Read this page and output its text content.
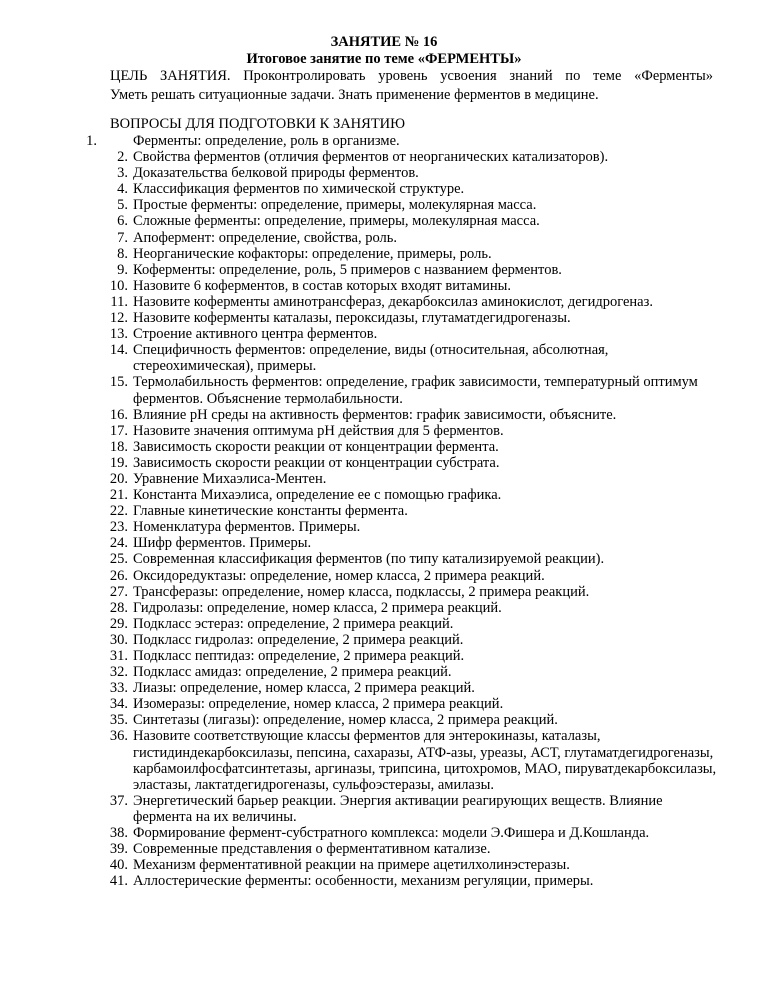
ЗАНЯТИЕ № 16
Итоговое занятие по теме «ФЕРМЕНТЫ»
ЦЕЛЬ ЗАНЯТИЯ. Проконтролировать уровень усвоения знаний по теме «Ферменты»
Уметь решать ситуационные задачи. Знать применение ферментов в медицине.
ВОПРОСЫ ДЛЯ ПОДГОТОВКИ К ЗАНЯТИЮ
1. Ферменты: определение, роль в организме.
2. Свойства ферментов (отличия ферментов от неорганических катализаторов).
3. Доказательства белковой природы ферментов.
4. Классификация ферментов по химической структуре.
5. Простые ферменты: определение, примеры, молекулярная масса.
6. Сложные ферменты: определение, примеры, молекулярная масса.
7. Апофермент: определение, свойства, роль.
8. Неорганические кофакторы: определение, примеры, роль.
9. Коферменты: определение, роль, 5 примеров с названием ферментов.
10. Назовите 6 коферментов, в состав которых входят витамины.
11. Назовите коферменты аминотрансфераз, декарбоксилаз аминокислот, дегидрогеназ.
12. Назовите коферменты каталазы, пероксидазы, глутаматдегидрогеназы.
13. Строение активного центра ферментов.
14. Специфичность ферментов: определение, виды (относительная, абсолютная, стереохимическая), примеры.
15. Термолабильность ферментов: определение, график зависимости, температурный оптимум ферментов. Объяснение термолабильности.
16. Влияние pH среды на активность ферментов: график зависимости, объясните.
17. Назовите значения оптимума pH действия для 5 ферментов.
18. Зависимость скорости реакции от концентрации фермента.
19. Зависимость скорости реакции от концентрации субстрата.
20. Уравнение Михаэлиса-Ментен.
21. Константа Михаэлиса, определение ее с помощью графика.
22. Главные кинетические константы фермента.
23. Номенклатура ферментов. Примеры.
24. Шифр ферментов. Примеры.
25. Современная классификация ферментов (по типу катализируемой реакции).
26. Оксидоредуктазы: определение, номер класса, 2 примера реакций.
27. Трансферазы: определение, номер класса, подклассы, 2 примера реакций.
28. Гидролазы: определение, номер класса, 2 примера реакций.
29. Подкласс эстераз: определение, 2 примера реакций.
30. Подкласс гидролаз: определение, 2 примера реакций.
31. Подкласс пептидаз: определение, 2 примера реакций.
32. Подкласс амидаз: определение, 2 примера реакций.
33. Лиазы: определение, номер класса, 2 примера реакций.
34. Изомеразы: определение, номер класса, 2 примера реакций.
35. Синтетазы (лигазы): определение, номер класса, 2 примера реакций.
36. Назовите соответствующие классы ферментов для энтерокиназы, каталазы, гистидиндекарбоксилазы, пепсина, сахаразы, АТФ-азы, уреазы, АСТ, глутаматдегидрогеназы, карбамоилфосфатсинтетазы, аргиназы, трипсина, цитохромов, МАО, пируватдекарбоксилазы, эластазы, лактатдегидрогеназы, сульфоэстеразы, амилазы.
37. Энергетический барьер реакции. Энергия активации реагирующих веществ. Влияние фермента на их величины.
38. Формирование фермент-субстратного комплекса: модели Э.Фишера и Д.Кошланда.
39. Современные представления о ферментативном катализе.
40. Механизм ферментативной реакции на примере ацетилхолинэстеразы.
41. Аллостерические ферменты: особенности, механизм регуляции, примеры.
